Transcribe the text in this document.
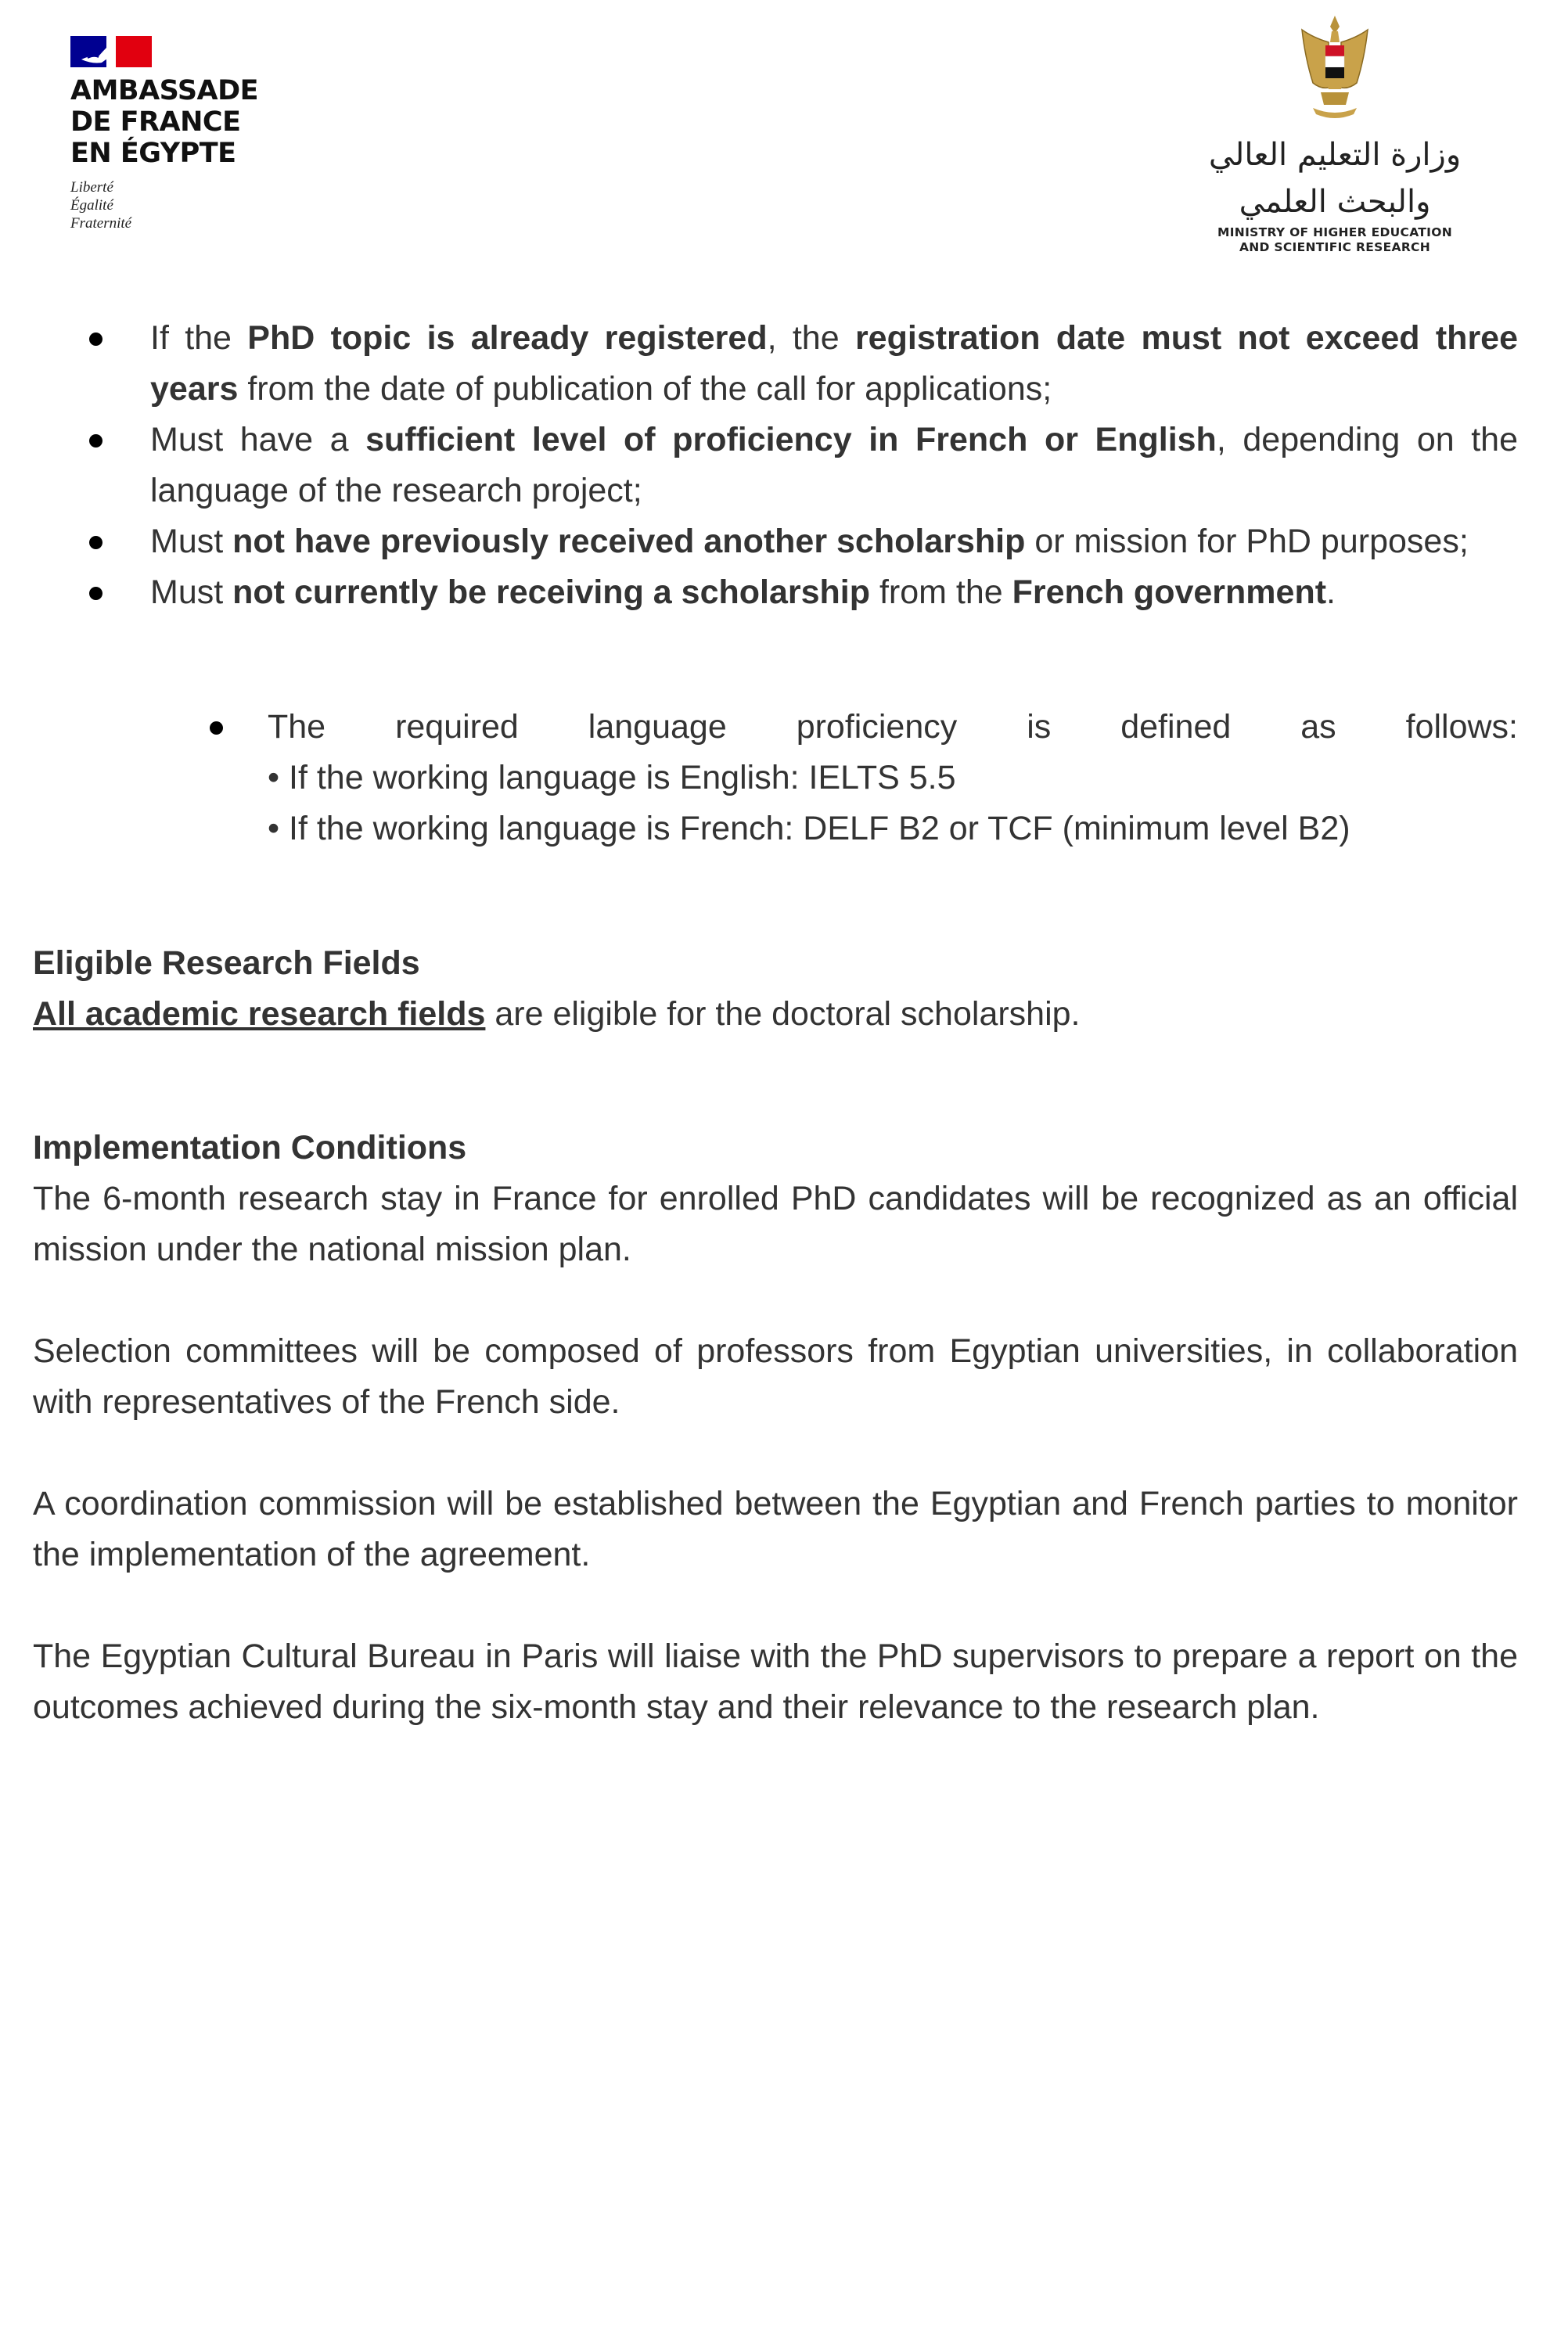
AMBASSADE
DE FRANCE
EN ÉGYPTE
Liberté
Égalité
Fraternité
وزارة التعليم العالي والبحث العلمي
MINISTRY OF HIGHER EDUCATION
AND SCIENTIFIC RESEARCH
If the PhD topic is already registered, the registration date must not exceed three years from the date of publication of the call for applications;
Must have a sufficient level of proficiency in French or English, depending on the language of the research project;
Must not have previously received another scholarship or mission for PhD purposes;
Must not currently be receiving a scholarship from the French government.
The required language proficiency is defined as follows:
• If the working language is English: IELTS 5.5
• If the working language is French: DELF B2 or TCF (minimum level B2)
Eligible Research Fields
All academic research fields are eligible for the doctoral scholarship.
Implementation Conditions
The 6-month research stay in France for enrolled PhD candidates will be recognized as an official mission under the national mission plan.
Selection committees will be composed of professors from Egyptian universities, in collaboration with representatives of the French side.
A coordination commission will be established between the Egyptian and French parties to monitor the implementation of the agreement.
The Egyptian Cultural Bureau in Paris will liaise with the PhD supervisors to prepare a report on the outcomes achieved during the six-month stay and their relevance to the research plan.
